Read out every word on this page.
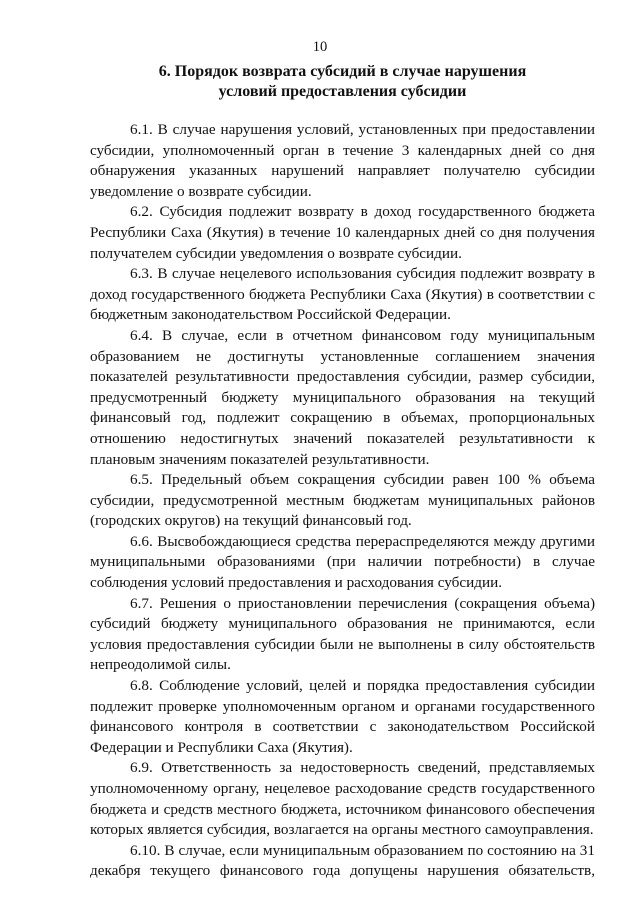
10
6. Порядок возврата субсидий в случае нарушения
условий предоставления субсидии

6.1. В случае нарушения условий, установленных при предоставлении субсидии, уполномоченный орган в течение 3 календарных дней со дня обнаружения указанных нарушений направляет получателю субсидии уведомление о возврате субсидии.

6.2. Субсидия подлежит возврату в доход государственного бюджета Республики Саха (Якутия) в течение 10 календарных дней со дня получения получателем субсидии уведомления о возврате субсидии.

6.3. В случае нецелевого использования субсидия подлежит возврату в доход государственного бюджета Республики Саха (Якутия) в соответствии с бюджетным законодательством Российской Федерации.

6.4. В случае, если в отчетном финансовом году муниципальным образованием не достигнуты установленные соглашением значения показателей результативности предоставления субсидии, размер субсидии, предусмотренный бюджету муниципального образования на текущий финансовый год, подлежит сокращению в объемах, пропорциональных отношению недостигнутых значений показателей результативности к плановым значениям показателей результативности.

6.5. Предельный объем сокращения субсидии равен 100 % объема субсидии, предусмотренной местным бюджетам муниципальных районов (городских округов) на текущий финансовый год.

6.6. Высвобождающиеся средства перераспределяются между другими муниципальными образованиями (при наличии потребности) в случае соблюдения условий предоставления и расходования субсидии.

6.7. Решения о приостановлении перечисления (сокращения объема) субсидий бюджету муниципального образования не принимаются, если условия предоставления субсидии были не выполнены в силу обстоятельств непреодолимой силы.

6.8. Соблюдение условий, целей и порядка предоставления субсидии подлежит проверке уполномоченным органом и органами государственного финансового контроля в соответствии с законодательством Российской Федерации и Республики Саха (Якутия).

6.9. Ответственность за недостоверность сведений, представляемых уполномоченному органу, нецелевое расходование средств государственного бюджета и средств местного бюджета, источником финансового обеспечения которых является субсидия, возлагается на органы местного самоуправления.

6.10. В случае, если муниципальным образованием по состоянию на 31 декабря текущего финансового года допущены нарушения обязательств,
